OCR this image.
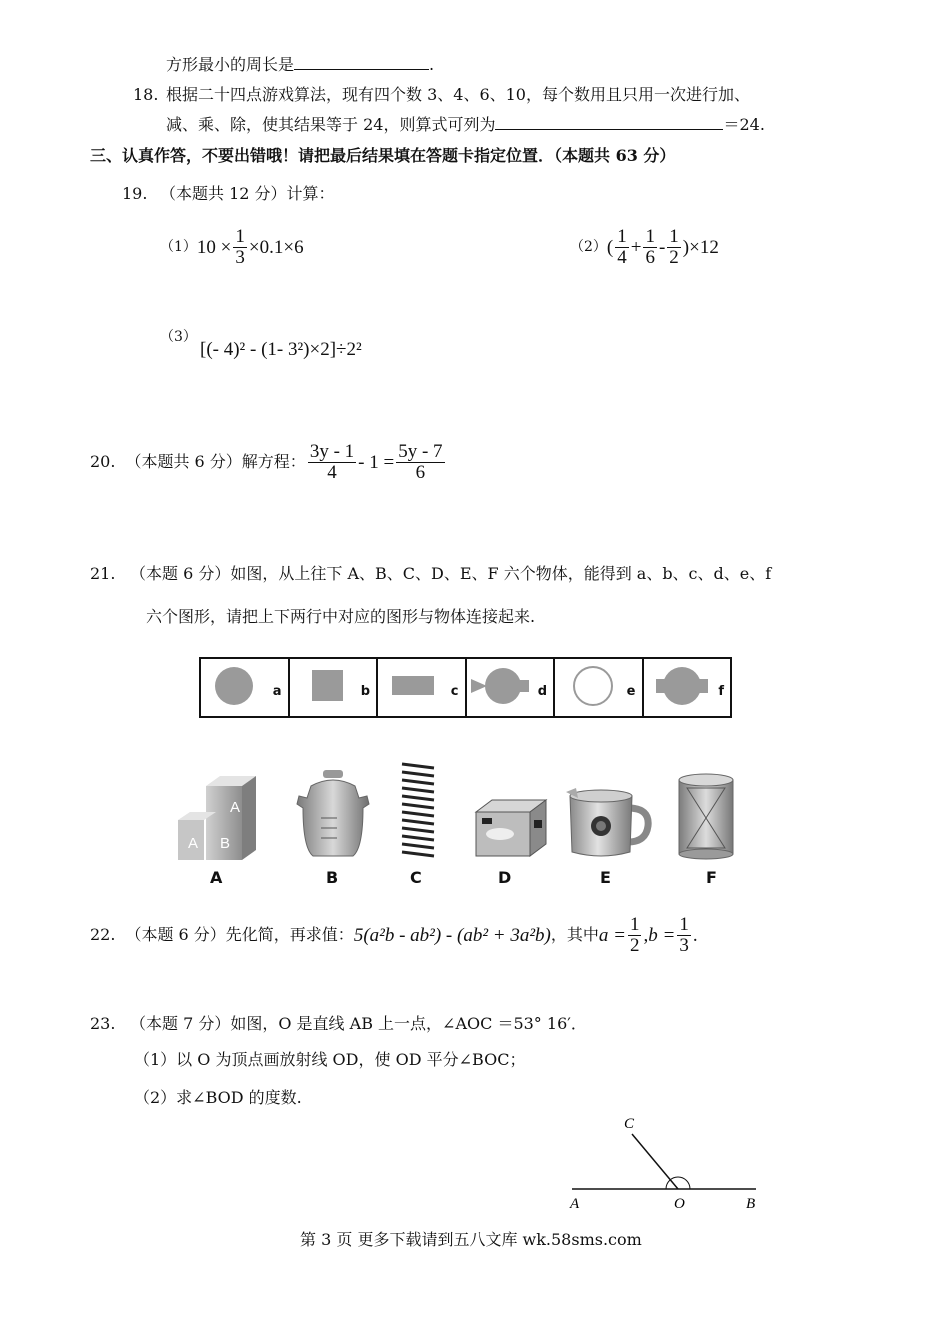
方形最小的周长是	.
18. 根据二十四点游戏算法，现有四个数 3、4、6、10，每个数用且只用一次进行加、
减、乘、除，使其结果等于 24，则算式可列为	＝24.
三、认真作答，不要出错哦！请把最后结果填在答题卡指定位置．（本题共 63 分）
19. （本题共 12 分）计算：
（1） $10 \times \frac{1}{3} \times 0.1\times 6$	（2） ( $\frac{1}{4} + \frac{1}{6} - \frac{1}{2} )\times 12$
（3）
[(- 4)² - (1- 3²)×2]÷2²
20. （本题共 6 分）解方程： $\frac{3y - 1}{4} - 1 = \frac{5y - 7}{6}$
21. （本题 6 分）如图，从上往下 A、B、C、D、E、F 六个物体，能得到 a、b、c、d、e、f
六个图形，请把上下两行中对应的图形与物体连接起来.
a	b	c	d	e	f
A
A B
A	B	C	D	E	F
22. （本题 6 分）先化简，再求值： 5(a²b - ab²) - (ab² + 3a²b) ，其中 $a = \frac{1}{2}$ , $b = \frac{1}{3}$ .
23. （本题 7 分）如图，O 是直线 AB 上一点，∠AOC ＝53° 16′．
（1）以 O 为顶点画放射线 OD，使 OD 平分∠BOC；
（2）求∠BOD 的度数.
A	O	B
C
第 3 页 更多下载请到五八文库 wk.58sms.com
